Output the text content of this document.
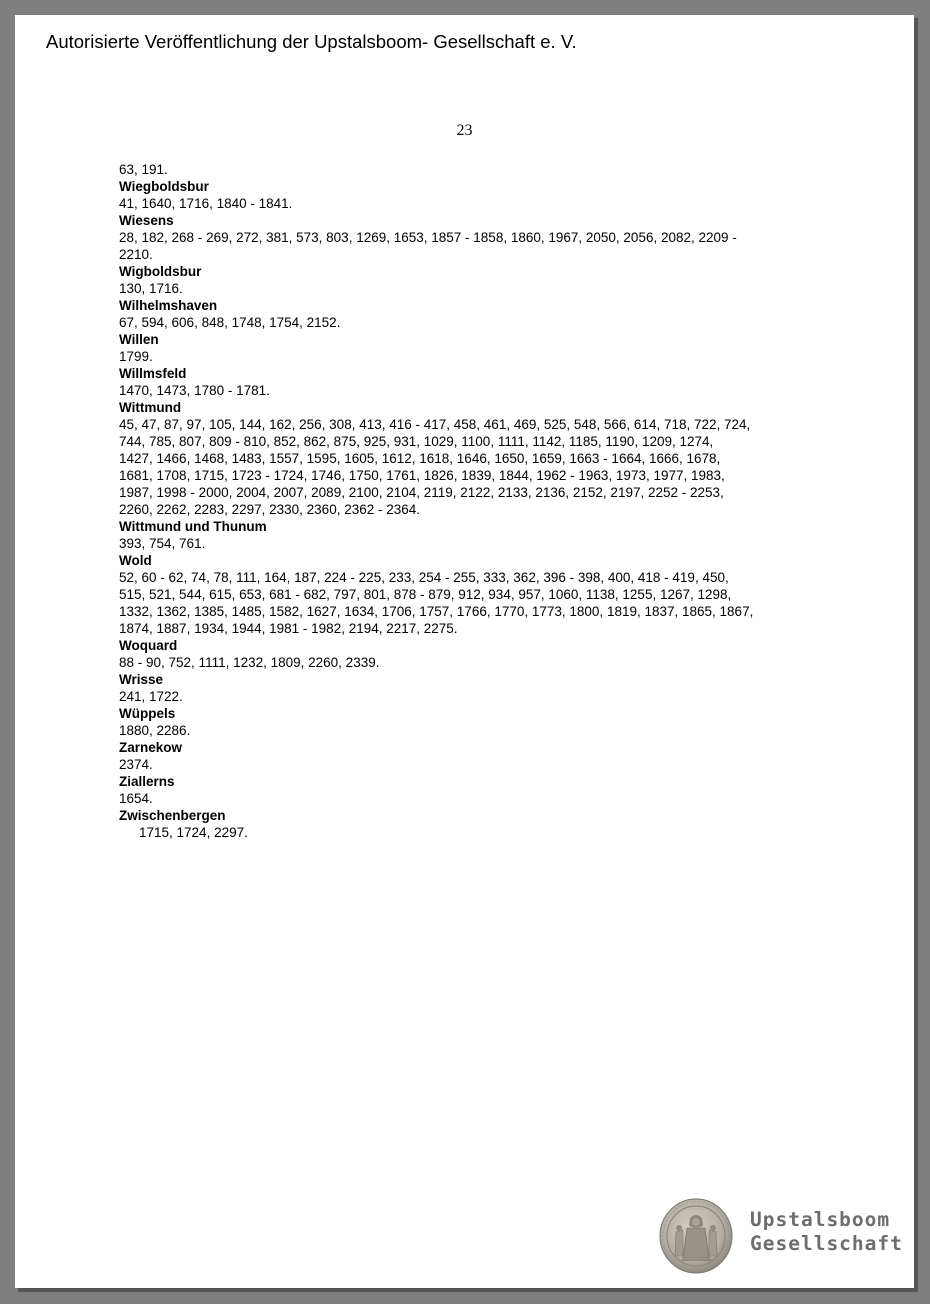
Autorisierte Veröffentlichung der Upstalsboom- Gesellschaft e. V.
23
63, 191.
Wiegboldsbur
41, 1640, 1716, 1840 - 1841.
Wiesens
28, 182, 268 - 269, 272, 381, 573, 803, 1269, 1653, 1857 - 1858, 1860, 1967, 2050, 2056, 2082, 2209 -
2210.
Wigboldsbur
130, 1716.
Wilhelmshaven
67, 594, 606, 848, 1748, 1754, 2152.
Willen
1799.
Willmsfeld
1470, 1473, 1780 - 1781.
Wittmund
45, 47, 87, 97, 105, 144, 162, 256, 308, 413, 416 - 417, 458, 461, 469, 525, 548, 566, 614, 718, 722, 724,
744, 785, 807, 809 - 810, 852, 862, 875, 925, 931, 1029, 1100, 1111, 1142, 1185, 1190, 1209, 1274,
1427, 1466, 1468, 1483, 1557, 1595, 1605, 1612, 1618, 1646, 1650, 1659, 1663 - 1664, 1666, 1678,
1681, 1708, 1715, 1723 - 1724, 1746, 1750, 1761, 1826, 1839, 1844, 1962 - 1963, 1973, 1977, 1983,
1987, 1998 - 2000, 2004, 2007, 2089, 2100, 2104, 2119, 2122, 2133, 2136, 2152, 2197, 2252 - 2253,
2260, 2262, 2283, 2297, 2330, 2360, 2362 - 2364.
Wittmund und Thunum
393, 754, 761.
Wold
52, 60 - 62, 74, 78, 111, 164, 187, 224 - 225, 233, 254 - 255, 333, 362, 396 - 398, 400, 418 - 419, 450,
515, 521, 544, 615, 653, 681 - 682, 797, 801, 878 - 879, 912, 934, 957, 1060, 1138, 1255, 1267, 1298,
1332, 1362, 1385, 1485, 1582, 1627, 1634, 1706, 1757, 1766, 1770, 1773, 1800, 1819, 1837, 1865, 1867,
1874, 1887, 1934, 1944, 1981 - 1982, 2194, 2217, 2275.
Woquard
88 - 90, 752, 1111, 1232, 1809, 2260, 2339.
Wrisse
241, 1722.
Wüppels
1880, 2286.
Zarnekow
2374.
Ziallerns
1654.
Zwischenbergen
1715, 1724, 2297.
Upstalsboom
Gesellschaft
